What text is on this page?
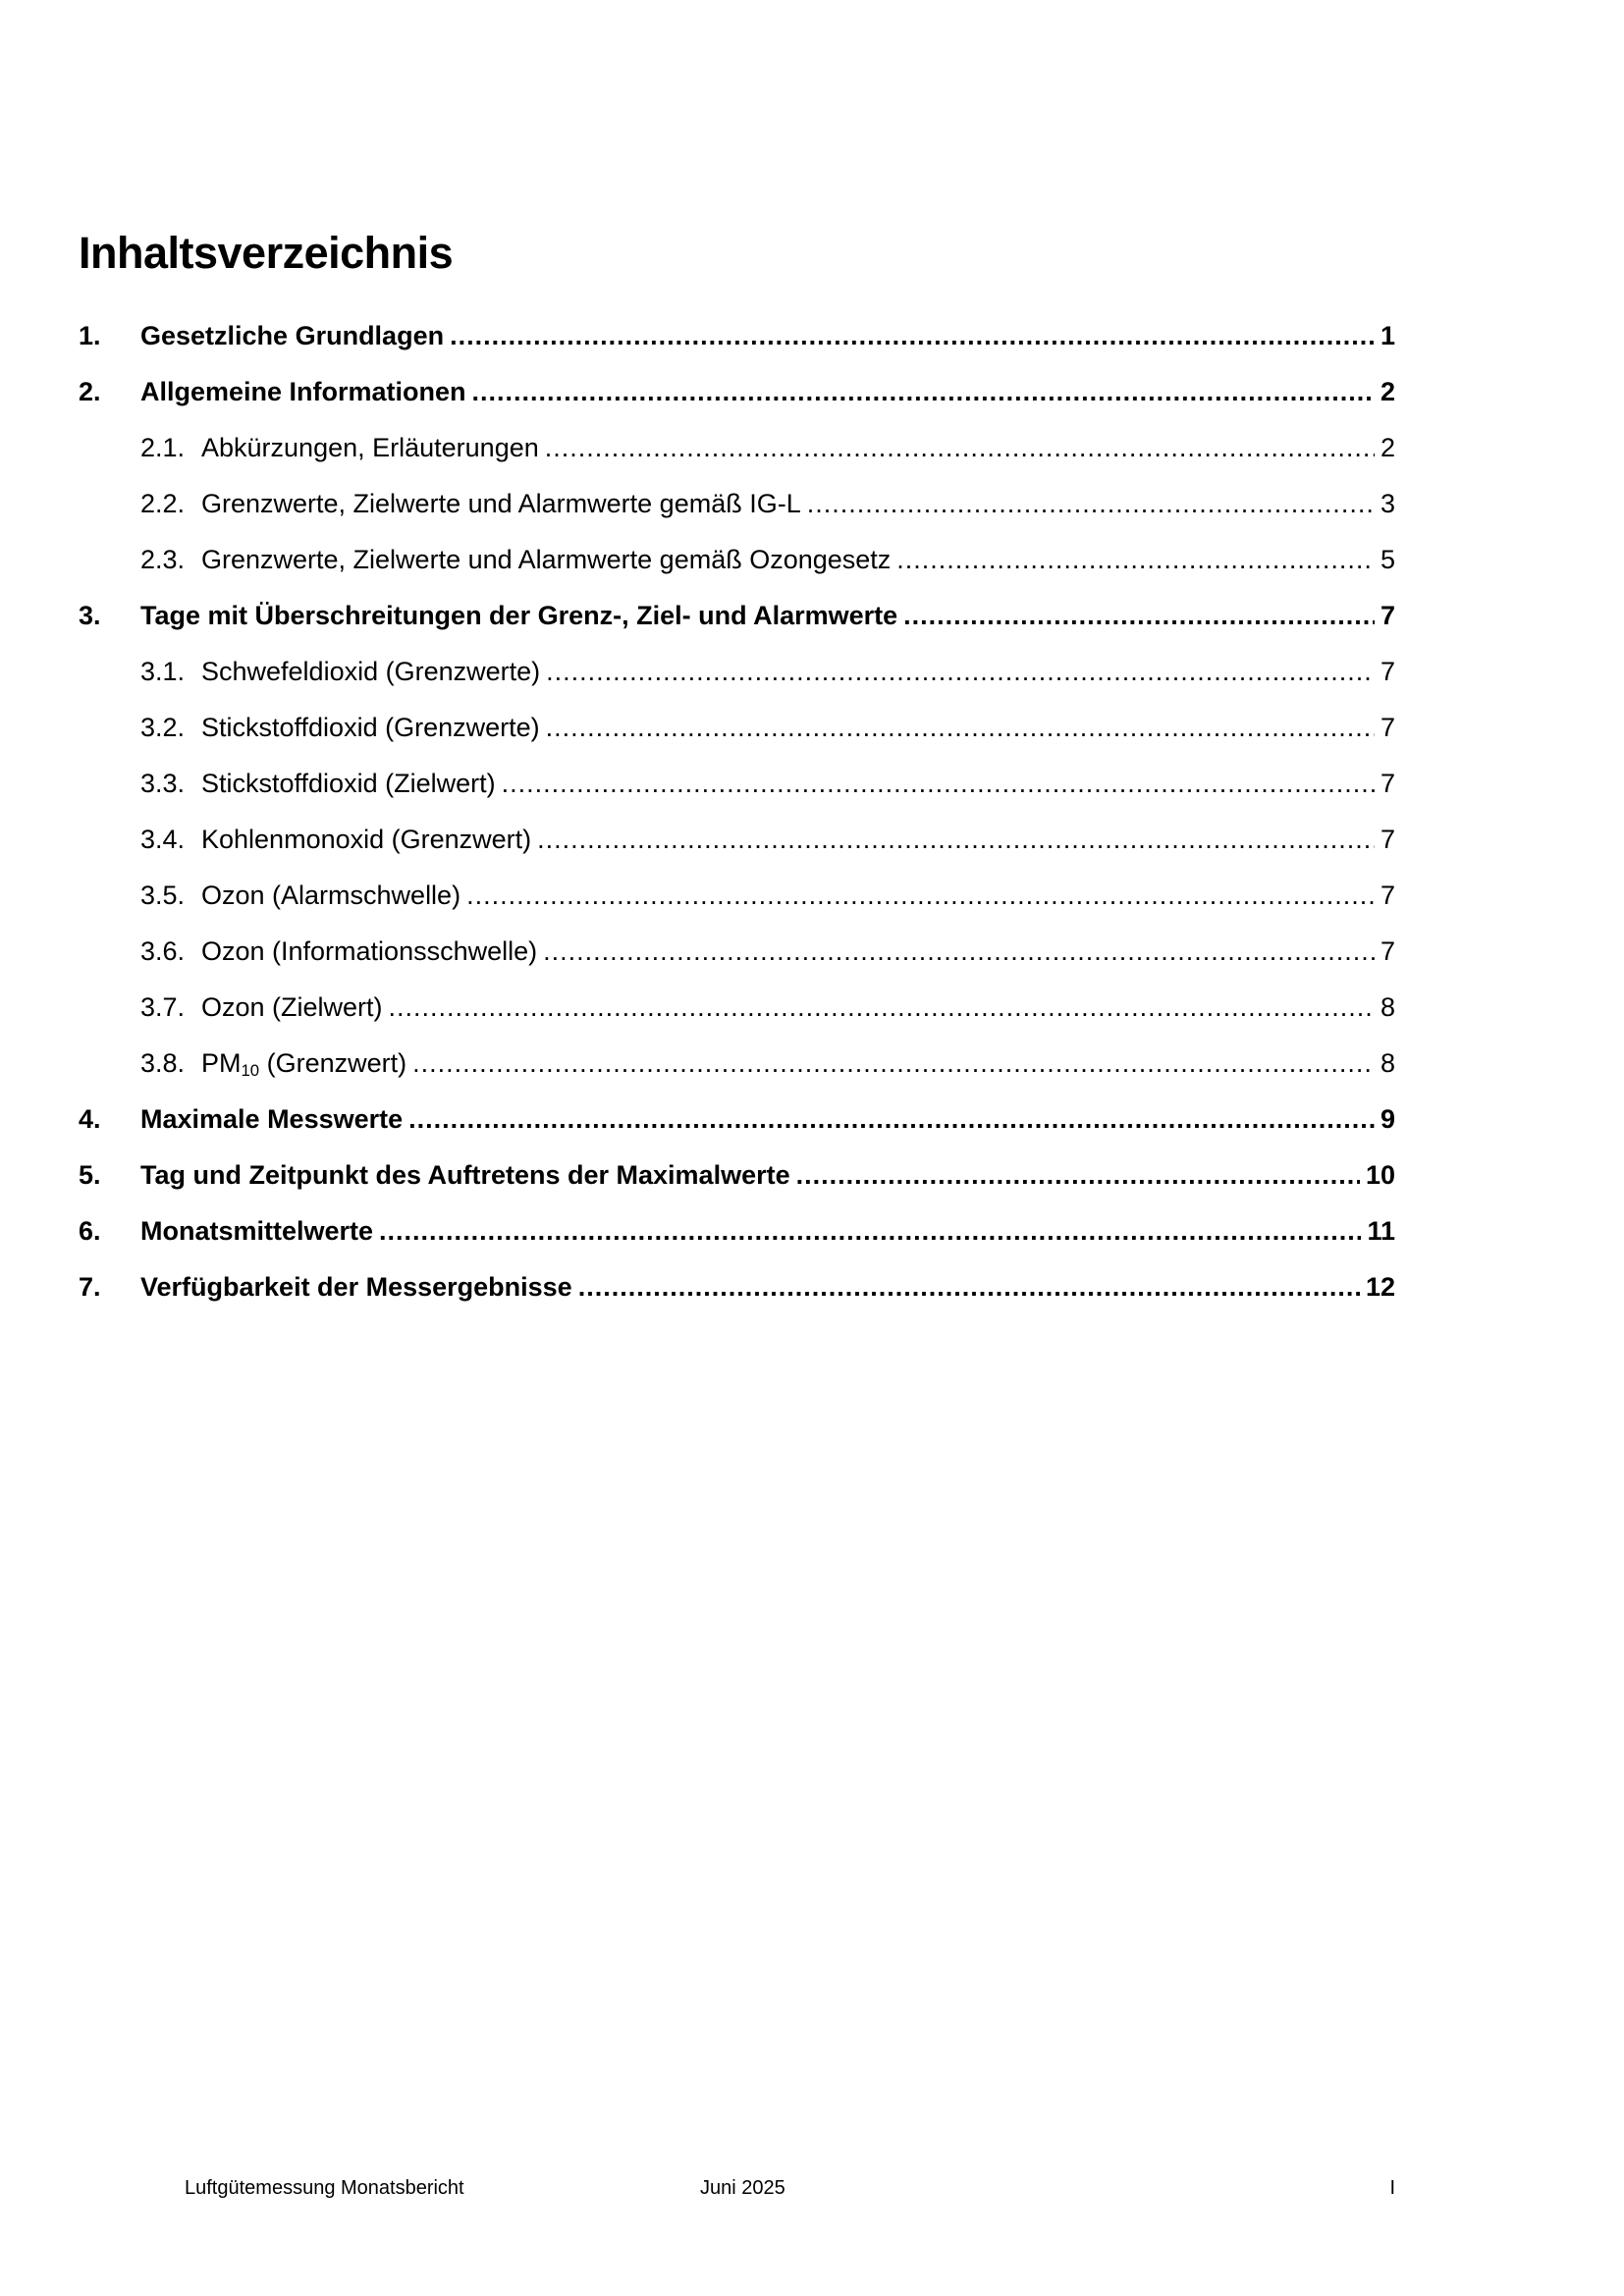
Inhaltsverzeichnis
1.	Gesetzliche Grundlagen .....	1
2.	Allgemeine Informationen .....	2
2.1. Abkürzungen, Erläuterungen .....	2
2.2. Grenzwerte, Zielwerte und Alarmwerte gemäß IG-L .....	3
2.3. Grenzwerte, Zielwerte und Alarmwerte gemäß Ozongesetz .....	5
3.	Tage mit Überschreitungen der Grenz-, Ziel- und Alarmwerte .....	7
3.1. Schwefeldioxid (Grenzwerte) .....	7
3.2. Stickstoffdioxid (Grenzwerte) .....	7
3.3. Stickstoffdioxid (Zielwert) .....	7
3.4. Kohlenmonoxid (Grenzwert) .....	7
3.5. Ozon (Alarmschwelle) .....	7
3.6. Ozon (Informationsschwelle) .....	7
3.7. Ozon (Zielwert) .....	8
3.8. $PM_{10}$ (Grenzwert) .....	8
4.	Maximale Messwerte .....	9
5.	Tag und Zeitpunkt des Auftretens der Maximalwerte .....	10
6.	Monatsmittelwerte .....	11
7.	Verfügbarkeit der Messergebnisse .....	12
Luftgütemessung Monatsbericht	Juni 2025	I
